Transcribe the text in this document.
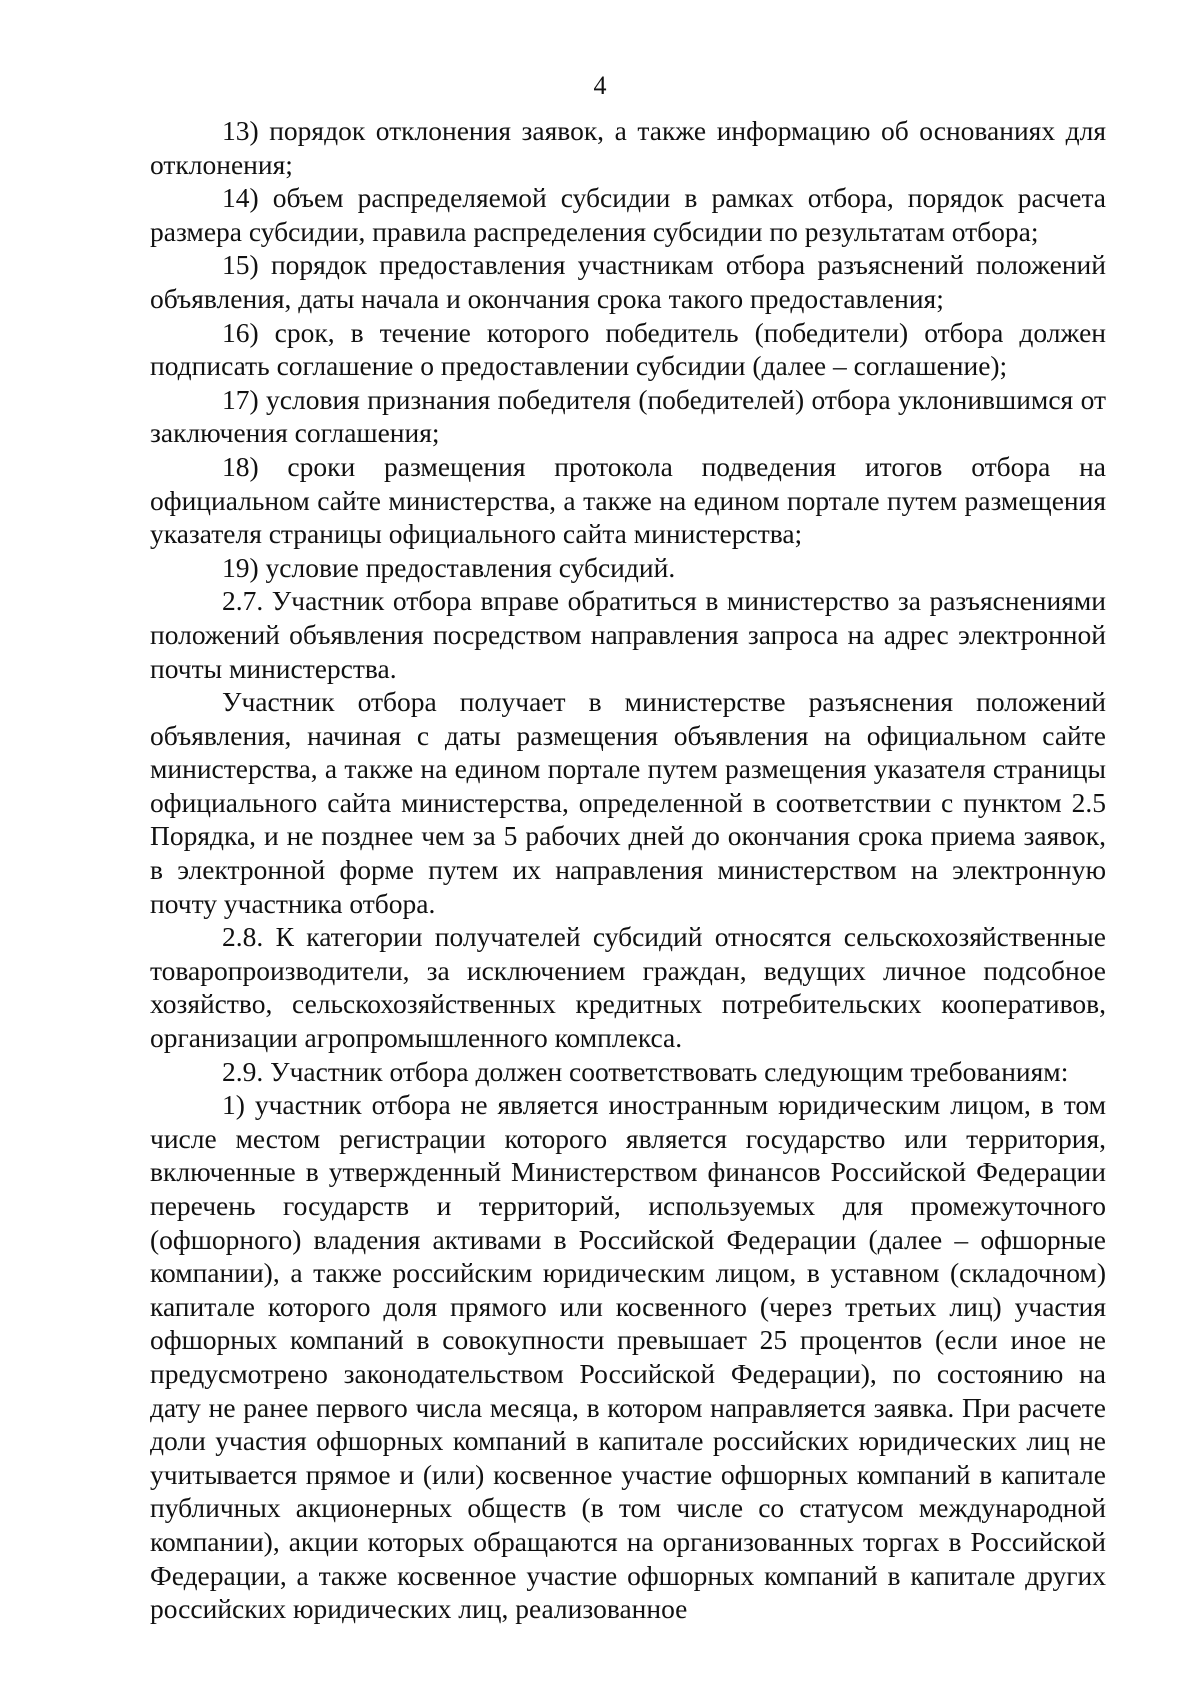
4

13) порядок отклонения заявок, а также информацию об основаниях для отклонения;

14) объем распределяемой субсидии в рамках отбора, порядок расчета размера субсидии, правила распределения субсидии по результатам отбора;

15) порядок предоставления участникам отбора разъяснений положений объявления, даты начала и окончания срока такого предоставления;

16) срок, в течение которого победитель (победители) отбора должен подписать соглашение о предоставлении субсидии (далее – соглашение);

17) условия признания победителя (победителей) отбора уклонившимся от заключения соглашения;

18) сроки размещения протокола подведения итогов отбора на официальном сайте министерства, а также на едином портале путем размещения указателя страницы официального сайта министерства;

19) условие предоставления субсидий.

2.7. Участник отбора вправе обратиться в министерство за разъяснениями положений объявления посредством направления запроса на адрес электронной почты министерства.

Участник отбора получает в министерстве разъяснения положений объявления, начиная с даты размещения объявления на официальном сайте министерства, а также на едином портале путем размещения указателя страницы официального сайта министерства, определенной в соответствии с пунктом 2.5 Порядка, и не позднее чем за 5 рабочих дней до окончания срока приема заявок, в электронной форме путем их направления министерством на электронную почту участника отбора.

2.8. К категории получателей субсидий относятся сельскохозяйственные товаропроизводители, за исключением граждан, ведущих личное подсобное хозяйство, сельскохозяйственных кредитных потребительских кооперативов, организации агропромышленного комплекса.

2.9. Участник отбора должен соответствовать следующим требованиям:

1) участник отбора не является иностранным юридическим лицом, в том числе местом регистрации которого является государство или территория, включенные в утвержденный Министерством финансов Российской Федерации перечень государств и территорий, используемых для промежуточного (офшорного) владения активами в Российской Федерации (далее – офшорные компании), а также российским юридическим лицом, в уставном (складочном) капитале которого доля прямого или косвенного (через третьих лиц) участия офшорных компаний в совокупности превышает 25 процентов (если иное не предусмотрено законодательством Российской Федерации), по состоянию на дату не ранее первого числа месяца, в котором направляется заявка. При расчете доли участия офшорных компаний в капитале российских юридических лиц не учитывается прямое и (или) косвенное участие офшорных компаний в капитале публичных акционерных обществ (в том числе со статусом международной компании), акции которых обращаются на организованных торгах в Российской Федерации, а также косвенное участие офшорных компаний в капитале других российских юридических лиц, реализованное
